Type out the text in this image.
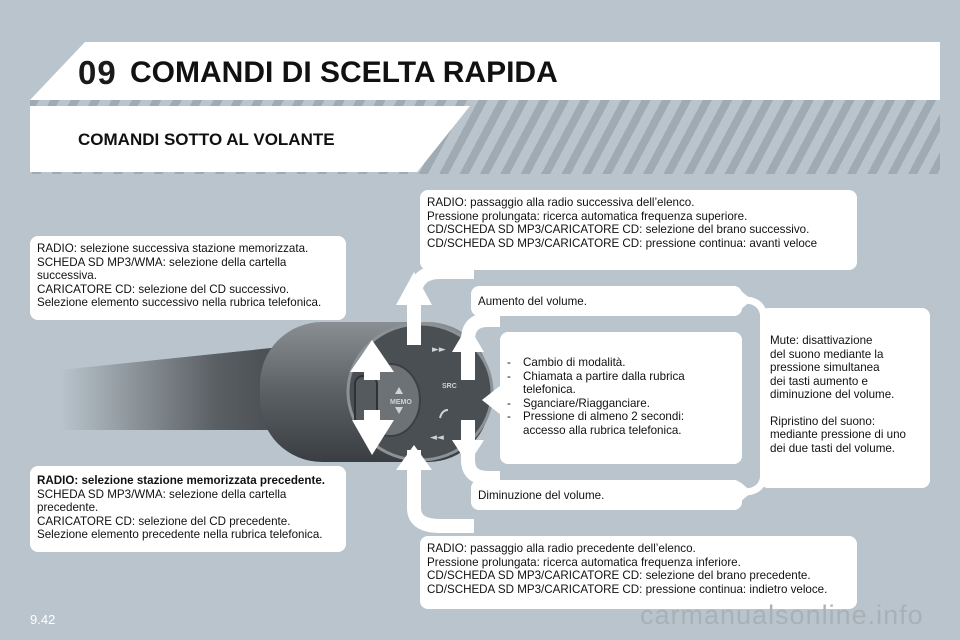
09 COMANDI DI SCELTA RAPIDA
COMANDI SOTTO AL VOLANTE
MEMO
SRC
►►
◄◄
RADIO: passaggio alla radio successiva dell’elenco.
Pressione prolungata: ricerca automatica frequenza superiore.
CD/SCHEDA SD MP3/CARICATORE CD: selezione del brano successivo.
CD/SCHEDA SD MP3/CARICATORE CD: pressione continua: avanti veloce
RADIO: selezione successiva stazione memorizzata.
SCHEDA SD MP3/WMA: selezione della cartella
successiva.
CARICATORE CD: selezione del CD successivo.
Selezione elemento successivo nella rubrica telefonica.	Aumento del volume.
- Cambio di modalità.
- Chiamata a partire dalla rubrica
telefonica.
- Sganciare/Riagganciare.
- Pressione di almeno 2 secondi:
accesso alla rubrica telefonica.
Mute: disattivazione
del suono mediante la
pressione simultanea
dei tasti aumento e
diminuzione del volume.
Ripristino del suono:
mediante pressione di uno
dei due tasti del volume.
Diminuzione del volume.
RADIO: selezione stazione memorizzata precedente.
SCHEDA SD MP3/WMA: selezione della cartella
precedente.
CARICATORE CD: selezione del CD precedente.
Selezione elemento precedente nella rubrica telefonica.
RADIO: passaggio alla radio precedente dell’elenco.
Pressione prolungata: ricerca automatica frequenza inferiore.
CD/SCHEDA SD MP3/CARICATORE CD: selezione del brano precedente.
CD/SCHEDA SD MP3/CARICATORE CD: pressione continua: indietro veloce.
9.42	carmanualsonline.info
